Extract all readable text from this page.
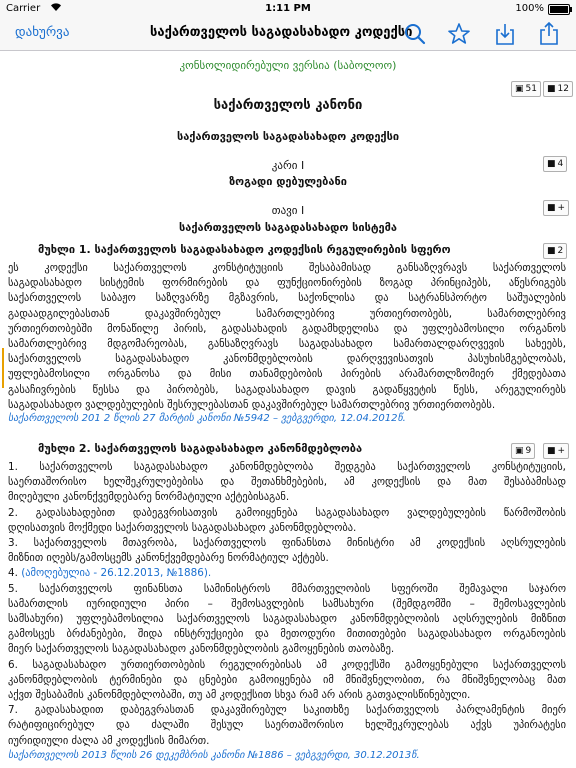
Carrier	1:11 PM	100%
დახურვა	საქართველოს საგადასახადო კოდექსი
კონსოლიდირებული ვერსია (საბოლოო)
▣ 51 ■ 12
საქართველოს კანონი
საქართველოს საგადასახადო კოდექსი
კარი I
ზოგადი დებულებანი
■ 4
თავი I
საქართველოს საგადასახადო სისტემა
■ +
მუხლი 1. საქართველოს საგადასახადო კოდექსის რეგულირების სფერო	■ 2
ეს კოდექსი საქართველოს კონსტიტუციის შესაბამისად განსაზღვრავს საქართველოს
საგადასახადო სისტემის ფორმირების და ფუნქციონირების ზოგად პრინციპებს, აწესრიგებს
საქართველოს საბაჟო საზღვარზე მგზავრის, საქონლისა და სატრანსპორტო საშუალების
გადაადგილებასთან დაკავშირებულ სამართლებრივ ურთიერთობებს, სამართლებრივ
ურთიერთობებში მონაწილე პირის, გადასახადის გადამხდელისა და უფლებამოსილი ორგანოს
სამართლებრივ მდგომარეობას, განსაზღვრავს საგადასახადო სამართალდარღვევის სახეებს,
საქართველოს საგადასახადო კანონმდებლობის დარღვევისათვის პასუხისმგებლობას,
უფლებამოსილი ორგანოსა და მისი თანამდებობის პირების არამართლზომიერ ქმედებათა
გასაჩივრების წესსა და პირობებს, საგადასახადო დავის გადაწყვეტის წესს, არეგულირებს
საგადასახადო ვალდებულების შესრულებასთან დაკავშირებულ სამართლებრივ ურთიერთობებს.
საქართველოს 201 2 წლის 27 მარტის კანონი №5942 – ვებგვერდი, 12.04.2012წ.
მუხლი 2. საქართველოს საგადასახადო კანონმდებლობა	▣ 9 ■ +
1. საქართველოს საგადასახადო კანონმდებლობა შედგება საქართველოს კონსტიტუციის,
საერთაშორისო ხელშეკრულებებისა და შეთანხმებების, ამ კოდექსის და მათ შესაბამისად
მიღებული კანონქვემდებარე ნორმატიული აქტებისაგან.
2. გადასახადებით დაბეგვრისათვის გამოიყენება საგადასახადო ვალდებულების წარმოშობის
დღისათვის მოქმედი საქართველოს საგადასახადო კანონმდებლობა.
3. საქართველოს მთავრობა, საქართველოს ფინანსთა მინისტრი ამ კოდექსის აღსრულების
მიზნით იღებს/გამოსცემს კანონქვემდებარე ნორმატიულ აქტებს.
4. (ამოღებულია - 26.12.2013, №1886).
5. საქართველოს ფინანსთა სამინისტროს მმართველობის სფეროში შემავალი საჯარო
სამართლის იურიდიული პირი – შემოსავლების სამსახური (შემდგომში – შემოსავლების
სამსახური) უფლებამოსილია საქართველოს საგადასახადო კანონმდებლობის აღსრულების მიზნით
გამოსცეს ბრძანებები, შიდა ინსტრუქციები და მეთოდური მითითებები საგადასახადო ორგანოების
მიერ საქართველოს საგადასახადო კანონმდებლობის გამოყენების თაობაზე.
6. საგადასახადო ურთიერთობების რეგულირებისას ამ კოდექსში გამოყენებული საქართველოს
კანონმდებლობის ტერმინები და ცნებები გამოიყენება იმ მნიშვნელობით, რა მნიშვნელობაც მათ
აქვთ შესაბამის კანონმდებლობაში, თუ ამ კოდექსით სხვა რამ არ არის გათვალისწინებული.
7. გადასახადით დაბეგვრასთან დაკავშირებულ საკითხზე საქართველოს პარლამენტის მიერ
რატიფიცირებულ და ძალაში შესულ საერთაშორისო ხელშეკრულებას აქვს უპირატესი
იურიდიული ძალა ამ კოდექსის მიმართ.
საქართველოს 2013 წლის 26 დეკემბრის კანონი №1886 – ვებგვერდი, 30.12.2013წ.
